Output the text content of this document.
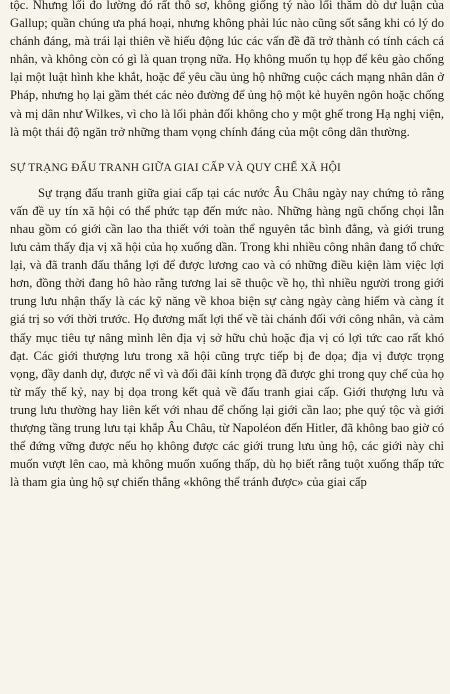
tộc. Nhưng lối đo lường đó rất thô sơ, không giống tý nào lối thăm dò dư luận của Gallup; quần chúng ưa phá hoại, nhưng không phải lúc nào cũng sốt sắng khi có lý do chánh đáng, mà trái lại thiên về hiếu động lúc các vấn đề đã trở thành có tính cách cá nhân, và không còn có gì là quan trọng nữa. Họ không muốn tụ họp để kêu gào chống lại một luật hình khe khắt, hoặc để yêu cầu ủng hộ những cuộc cách mạng nhân dân ở Pháp, nhưng họ lại gầm thét các nẻo đường để ủng hộ một kẻ huyên ngôn hoặc chống và mị dân như Wilkes, vì cho là lối phản đối không cho y một ghế trong Hạ nghị viện, là một thái độ ngăn trở những tham vọng chính đáng của một công dân thường.

SỰ TRẠNG ĐẤU TRANH GIỮA GIAI CẤP VÀ QUY CHẾ XÃ HỘI

Sự trạng đấu tranh giữa giai cấp tại các nước Âu Châu ngày nay chứng tỏ rằng vấn đề uy tín xã hội có thể phức tạp đến mức nào. Những hàng ngũ chống chọi lẫn nhau gồm có giới cần lao tha thiết với toàn thể nguyên tắc bình đẳng, và giới trung lưu cảm thấy địa vị xã hội của họ xuống dần. Trong khi nhiều công nhân đang tổ chức lại, và đã tranh đấu thắng lợi để được lương cao và có những điều kiện làm việc lợi hơn, đồng thời đang hô hào rằng tương lai sẽ thuộc về họ, thì nhiều người trong giới trung lưu nhận thấy là các kỹ năng về khoa biện sự càng ngày càng hiếm và càng ít giá trị so với thời trước. Họ đương mất lợi thế về tài chánh đối với công nhân, và cảm thấy mục tiêu tự nâng mình lên địa vị sở hữu chủ hoặc địa vị có lợi tức cao rất khó đạt. Các giới thượng lưu trong xã hội cũng trực tiếp bị đe dọa; địa vị được trọng vọng, đầy danh dự, được nể vì và đối đãi kính trọng đã được ghi trong quy chế của họ từ mấy thế kỷ, nay bị dọa trong kết quả về đấu tranh giai cấp. Giới thượng lưu và trung lưu thường hay liên kết với nhau để chống lại giới cần lao; phe quý tộc và giới thượng tầng trung lưu tại khắp Âu Châu, từ Napoléon đến Hitler, đã không bao giờ có thể đứng vững được nếu họ không được các giới trung lưu ủng hộ, các giới này chỉ muốn vượt lên cao, mà không muốn xuống thấp, dù họ biết rằng tuột xuống thấp tức là tham gia ủng hộ sự chiến thắng «không thể tránh được» của giai cấp
